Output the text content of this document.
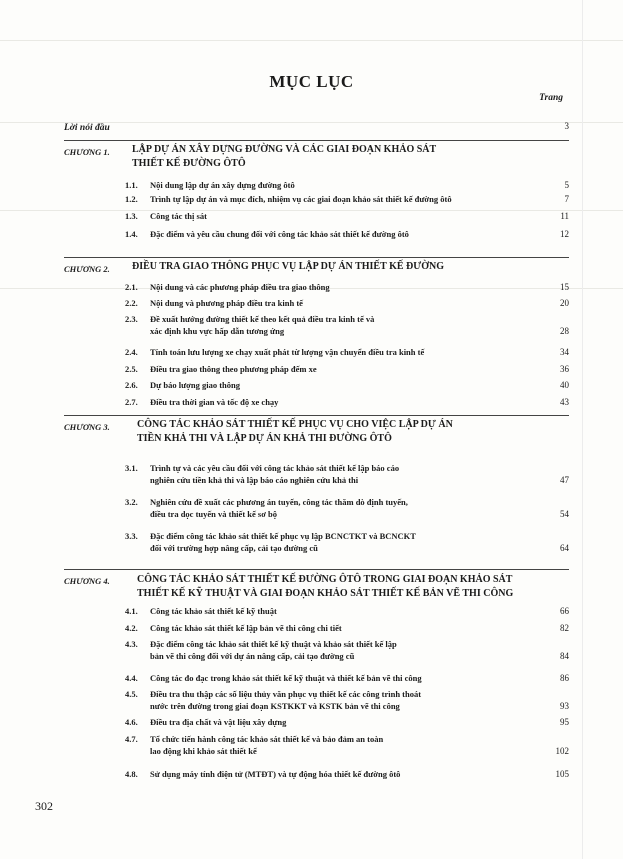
MỤC LỤC
Trang
Lời nói đầu	3
CHƯƠNG 1. LẬP DỰ ÁN XÂY DỰNG ĐƯỜNG VÀ CÁC GIAI ĐOẠN KHẢO SÁT
THIẾT KẾ ĐƯỜNG ÔTÔ
1.1. Nội dung lập dự án xây dựng đường ôtô	5
1.2. Trình tự lập dự án và mục đích, nhiệm vụ các giai đoạn khảo sát thiết kế đường ôtô	7
1.3. Công tác thị sát	11
1.4. Đặc điểm và yêu cầu chung đối với công tác khảo sát thiết kế đường ôtô	12
CHƯƠNG 2. ĐIỀU TRA GIAO THÔNG PHỤC VỤ LẬP DỰ ÁN THIẾT KẾ ĐƯỜNG
2.1. Nội dung và các phương pháp điều tra giao thông	15
2.2. Nội dung và phương pháp điều tra kinh tế	20
2.3. Đề xuất hướng đường thiết kế theo kết quả điều tra kinh tế và
xác định khu vực hấp dẫn tương ứng	28
2.4. Tính toán lưu lượng xe chạy xuất phát từ lượng vận chuyển điều tra kinh tế	34
2.5. Điều tra giao thông theo phương pháp đếm xe	36
2.6. Dự báo lượng giao thông	40
2.7. Điều tra thời gian và tốc độ xe chạy	43
CHƯƠNG 3.	CÔNG TÁC KHẢO SÁT THIẾT KẾ PHỤC VỤ CHO VIỆC LẬP DỰ ÁN
TIỀN KHẢ THI VÀ LẬP DỰ ÁN KHẢ THI ĐƯỜNG ÔTÔ
3.1. Trình tự và các yêu cầu đối với công tác khảo sát thiết kế lập báo cáo
nghiên cứu tiền khả thi và lập báo cáo nghiên cứu khả thi	47
3.2. Nghiên cứu đề xuất các phương án tuyến, công tác thăm dò định tuyến,
điều tra dọc tuyến và thiết kế sơ bộ	54
3.3. Đặc điểm công tác khảo sát thiết kế phục vụ lập BCNCTKT và BCNCKT
đối với trường hợp nâng cấp, cải tạo đường cũ	64
CHƯƠNG 4.	CÔNG TÁC KHẢO SÁT THIẾT KẾ ĐƯỜNG ÔTÔ TRONG GIAI ĐOẠN KHẢO SÁT
THIẾT KẾ KỸ THUẬT VÀ GIAI ĐOẠN KHẢO SÁT THIẾT KẾ BẢN VẼ THI CÔNG
4.1. Công tác khảo sát thiết kế kỹ thuật	66
4.2. Công tác khảo sát thiết kế lập bản vẽ thi công chi tiết	82
4.3. Đặc điểm công tác khảo sát thiết kế kỹ thuật và khảo sát thiết kế lập
bản vẽ thi công đối với dự án nâng cấp, cải tạo đường cũ	84
4.4. Công tác đo đạc trong khảo sát thiết kế kỹ thuật và thiết kế bản vẽ thi công	86
4.5. Điều tra thu thập các số liệu thủy văn phục vụ thiết kế các công trình thoát
nước trên đường trong giai đoạn KSTKKT và KSTK bản vẽ thi công	93
4.6. Điều tra địa chất và vật liệu xây dựng	95
4.7. Tổ chức tiến hành công tác khảo sát thiết kế và bảo đảm an toàn
lao động khi khảo sát thiết kế	102
4.8. Sử dụng máy tính điện tử (MTĐT) và tự động hóa thiết kế đường ôtô	105
302
